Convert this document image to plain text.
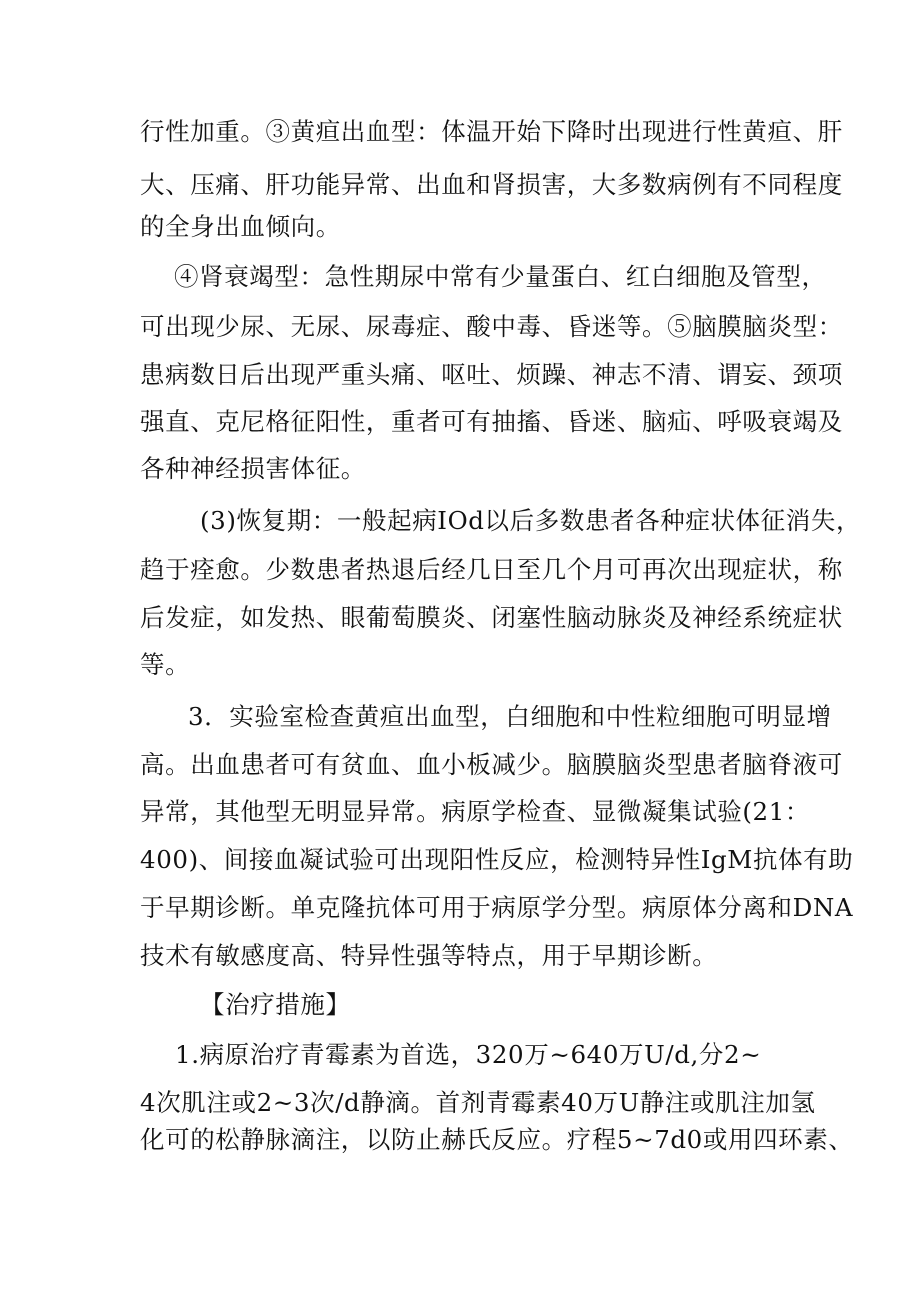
行性加重。③黄疸出血型：体温开始下降时出现进行性黄疸、肝
大、压痛、肝功能异常、出血和肾损害，大多数病例有不同程度
的全身出血倾向。
④肾衰竭型：急性期尿中常有少量蛋白、红白细胞及管型，
可出现少尿、无尿、尿毒症、酸中毒、昏迷等。⑤脑膜脑炎型：
患病数日后出现严重头痛、呕吐、烦躁、神志不清、谓妄、颈项
强直、克尼格征阳性，重者可有抽搐、昏迷、脑疝、呼吸衰竭及
各种神经损害体征。
(3)恢复期：一般起病IOd以后多数患者各种症状体征消失，
趋于痊愈。少数患者热退后经几日至几个月可再次出现症状，称
后发症，如发热、眼葡萄膜炎、闭塞性脑动脉炎及神经系统症状
等。
3．实验室检查黄疸出血型，白细胞和中性粒细胞可明显增
高。出血患者可有贫血、血小板减少。脑膜脑炎型患者脑脊液可
异常，其他型无明显异常。病原学检查、显微凝集试验(21：
400)、间接血凝试验可出现阳性反应，检测特异性IgM抗体有助
于早期诊断。单克隆抗体可用于病原学分型。病原体分离和DNA
技术有敏感度高、特异性强等特点，用于早期诊断。
【治疗措施】
1.病原治疗青霉素为首选，320万~640万U/d,分2~
4次肌注或2~3次/d静滴。首剂青霉素40万U静注或肌注加氢
化可的松静脉滴注，以防止赫氏反应。疗程5~7d0或用四环素、
